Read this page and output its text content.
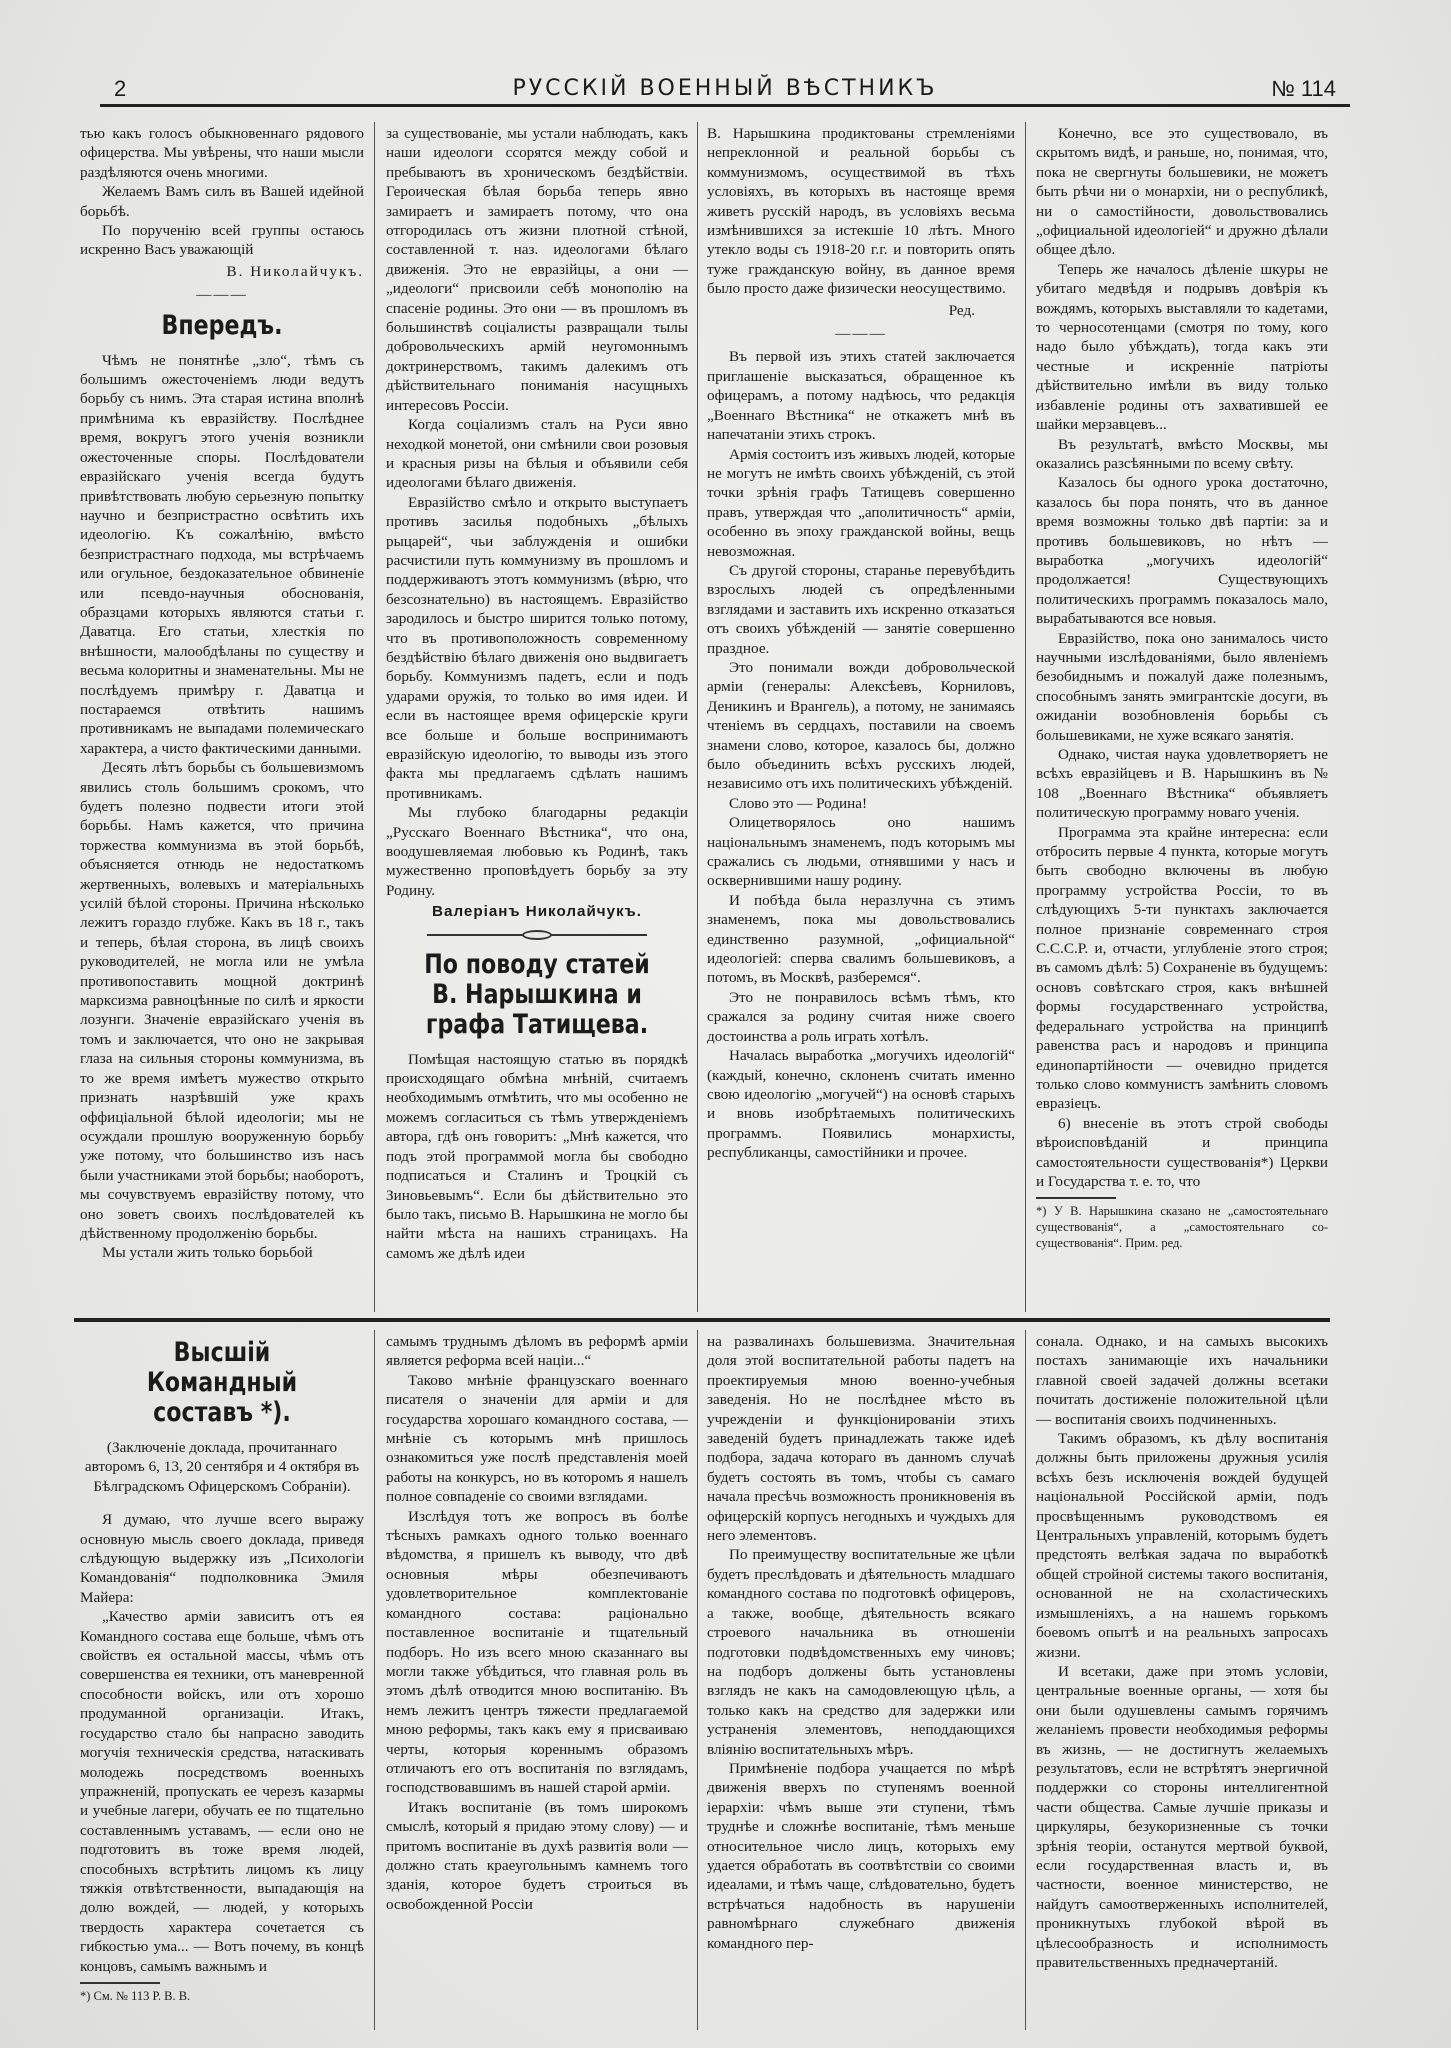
2	РУССКІЙ ВОЕННЫЙ ВѢСТНИКЪ	№ 114

тью какъ голосъ обыкновеннаго рядового офицерства. Мы увѣрены, что наши мысли раздѣляются очень многими.

Желаемъ Вамъ силъ въ Вашей идейной борьбѣ.

По порученію всей группы остаюсь искренно Васъ уважающій

В. Николайчукъ.
———
Впередъ.

Чѣмъ не понятнѣе „зло“, тѣмъ съ большимъ ожесточеніемъ люди ведутъ борьбу съ нимъ. Эта старая истина вполнѣ примѣнима къ евразійству. Послѣднее время, вокругъ этого ученія возникли ожесточенные споры. Послѣдователи евразійскаго ученія всегда будутъ привѣтствовать любую серьезную попытку научно и безпристрастно освѣтить ихъ идеологію. Къ сожалѣнію, вмѣсто безпристрастнаго подхода, мы встрѣчаемъ или огульное, бездоказательное обвиненіе или псевдо-научныя обоснованія, образцами которыхъ являются статьи г. Даватца. Его статьи, хлесткія по внѣшности, малообдѣланы по существу и весьма колоритны и знаменательны. Мы не послѣдуемъ примѣру г. Даватца и постараемся отвѣтить нашимъ противникамъ не выпадами полемическаго характера, а чисто фактическими данными.

Десять лѣтъ борьбы съ большевизмомъ явились столь большимъ срокомъ, что будетъ полезно подвести итоги этой борьбы. Намъ кажется, что причина торжества коммунизма въ этой борьбѣ, объясняется отнюдь не недостаткомъ жертвенныхъ, волевыхъ и матеріальныхъ усилій бѣлой стороны. Причина нѣсколько лежитъ гораздо глубже. Какъ въ 18 г., такъ и теперь, бѣлая сторона, въ лицѣ своихъ руководителей, не могла или не умѣла противопоставить мощной доктринѣ марксизма равноцѣнные по силѣ и яркости лозунги. Значеніе евразійскаго ученія въ томъ и заключается, что оно не закрывая глаза на сильныя стороны коммунизма, въ то же время имѣетъ мужество открыто признать назрѣвшій уже крахъ оффиціальной бѣлой идеологіи; мы не осуждали прошлую вооруженную борьбу уже потому, что большинство изъ насъ были участниками этой борьбы; наоборотъ, мы сочувствуемъ евразійству потому, что оно зоветъ своихъ послѣдователей къ дѣйственному продолженію борьбы.

Мы устали жить только борьбой

за существованіе, мы устали наблюдать, какъ наши идеологи ссорятся между собой и пребываютъ въ хроническомъ бездѣйствіи. Героическая бѣлая борьба теперь явно замираетъ и замираетъ потому, что она отгородилась отъ жизни плотной стѣной, составленной т. наз. идеологами бѣлаго движенія. Это не евразійцы, а они — „идеологи“ присвоили себѣ монополію на спасеніе родины. Это они — въ прошломъ въ большинствѣ соціалисты развращали тылы добровольческихъ армій неугомоннымъ доктринерствомъ, такимъ далекимъ отъ дѣйствительнаго пониманія насущныхъ интересовъ Россіи.

Когда соціализмъ сталъ на Руси явно неходкой монетой, они смѣнили свои розовыя и красныя ризы на бѣлыя и объявили себя идеологами бѣлаго движенія.

Евразійство смѣло и открыто выступаетъ противъ засилья подобныхъ „бѣлыхъ рыцарей“, чьи заблужденія и ошибки расчистили путь коммунизму въ прошломъ и поддерживаютъ этотъ коммунизмъ (вѣрю, что безсознательно) въ настоящемъ. Евразійство зародилось и быстро ширится только потому, что въ противоположность современному бездѣйствію бѣлаго движенія оно выдвигаетъ борьбу. Коммунизмъ падетъ, если и подъ ударами оружія, то только во имя идеи. И если въ настоящее время офицерскіе круги все больше и больше воспринимаютъ евразійскую идеологію, то выводы изъ этого факта мы предлагаемъ сдѣлать нашимъ противникамъ.

Мы глубоко благодарны редакціи „Русскаго Военнаго Вѣстника“, что она, воодушевляемая любовью къ Родинѣ, такъ мужественно проповѣдуетъ борьбу за эту Родину.

Валеріанъ Николайчукъ.
По поводу статей В. Нарышкина и графа Татищева.

Помѣщая настоящую статью въ порядкѣ происходящаго обмѣна мнѣній, считаемъ необходимымъ отмѣтить, что мы особенно не можемъ согласиться съ тѣмъ утвержденіемъ автора, гдѣ онъ говоритъ: „Мнѣ кажется, что подъ этой программой могла бы свободно подписаться и Сталинъ и Троцкій съ Зиновьевымъ“. Если бы дѣйствительно это было такъ, письмо В. Нарышкина не могло бы найти мѣста на нашихъ страницахъ. На самомъ же дѣлѣ идеи

В. Нарышкина продиктованы стремленіями непреклонной и реальной борьбы съ коммунизмомъ, осуществимой въ тѣхъ условіяхъ, въ которыхъ въ настояще время живетъ русскій народъ, въ условіяхъ весьма измѣнившихся за истекшіе 10 лѣтъ. Много утекло воды съ 1918-20 г.г. и повторить опять туже гражданскую войну, въ данное время было просто даже физически неосуществимо.

Ред.
———

Въ первой изъ этихъ статей заключается приглашеніе высказаться, обращенное къ офицерамъ, а потому надѣюсь, что редакція „Военнаго Вѣстника“ не откажетъ мнѣ въ напечатаніи этихъ строкъ.

Армія состоитъ изъ живыхъ людей, которые не могутъ не имѣть своихъ убѣжденій, съ этой точки зрѣнія графъ Татищевъ совершенно правъ, утверждая что „аполитичность“ арміи, особенно въ эпоху гражданской войны, вещь невозможная.

Съ другой стороны, старанье перевубѣдить взрослыхъ людей съ опредѣленными взглядами и заставить ихъ искренно отказаться отъ своихъ убѣжденій — занятіе совершенно праздное.

Это понимали вожди добровольческой арміи (генералы: Алексѣевъ, Корниловъ, Деникинъ и Врангель), а потому, не занимаясь чтеніемъ въ сердцахъ, поставили на своемъ знамени слово, которое, казалось бы, должно было объединить всѣхъ русскихъ людей, независимо отъ ихъ политическихъ убѣжденій.

Слово это — Родина!

Олицетворялось оно нашимъ національнымъ знаменемъ, подъ которымъ мы сражались съ людьми, отнявшими у насъ и осквернившими нашу родину.

И побѣда была неразлучна съ этимъ знаменемъ, пока мы довольствовались единственно разумной, „официальной“ идеологіей: сперва свалимъ большевиковъ, а потомъ, въ Москвѣ, разберемся“.

Это не понравилось всѣмъ тѣмъ, кто сражался за родину считая ниже своего достоинства а роль играть хотѣлъ.

Началась выработка „могучихъ идеологій“ (каждый, конечно, склоненъ считать именно свою идеологію „могучей“) на основѣ старыхъ и вновь изобрѣтаемыхъ политическихъ программъ. Появились монархисты, республиканцы, самостійники и прочее.

Конечно, все это существовало, въ скрытомъ видѣ, и раньше, но, понимая, что, пока не свергнуты большевики, не можетъ быть рѣчи ни о монархіи, ни о республикѣ, ни о самостійности, довольствовались „официальной идеологіей“ и дружно дѣлали общее дѣло.

Теперь же началось дѣленіе шкуры не убитаго медвѣдя и подрывъ довѣрія къ вождямъ, которыхъ выставляли то кадетами, то черносотенцами (смотря по тому, кого надо было убѣждать), тогда какъ эти честные и искренніе патріоты дѣйствительно имѣли въ виду только избавленіе родины отъ захватившей ее шайки мерзавцевъ...

Въ результатѣ, вмѣсто Москвы, мы оказались разсѣянными по всему свѣту.

Казалось бы одного урока достаточно, казалось бы пора понять, что въ данное время возможны только двѣ партіи: за и противъ большевиковъ, но нѣтъ — выработка „могучихъ идеологій“ продолжается! Существующихъ политическихъ программъ показалось мало, вырабатываются все новыя.

Евразійство, пока оно занималось чисто научными изслѣдованіями, было явленіемъ безобиднымъ и пожалуй даже полезнымъ, способнымъ занять эмигрантскіе досуги, въ ожиданіи возобновленія борьбы съ большевиками, не хуже всякаго занятія.

Однако, чистая наука удовлетворяетъ не всѣхъ евразійцевъ и В. Нарышкинъ въ № 108 „Военнаго Вѣстника“ объявляетъ политическую программу новаго ученія.

Программа эта крайне интересна: если отбросить первые 4 пункта, которые могутъ быть свободно включены въ любую программу устройства Россіи, то въ слѣдующихъ 5-ти пунктахъ заключается полное признаніе современнаго строя С.С.С.Р. и, отчасти, углубленіе этого строя; въ самомъ дѣлѣ: 5) Сохраненіе въ будущемъ: основъ совѣтскаго строя, какъ внѣшней формы государственнаго устройства, федеральнаго устройства на принципѣ равенства расъ и народовъ и принципа единопартійности — очевидно придется только слово коммунистъ замѣнить словомъ евразіецъ.

6) внесеніе въ этотъ строй свободы вѣроисповѣданій и принципа самостоятельности существованія*) Церкви и Государства т. е. то, что

*) У В. Нарышкина сказано не „самостоятельнаго существованія“, а „самостоятельнаго со-существованія“. Прим. ред.

Высшій Командный составъ *).

(Заключеніе доклада, прочитаннаго авторомъ 6, 13, 20 сентября и 4 октября въ Бѣлградскомъ Офицерскомъ Собраніи).

Я думаю, что лучше всего выражу основную мысль своего доклада, приведя слѣдующую выдержку изъ „Психологіи Командованія“ подполковника Эмиля Майера:

„Качество арміи зависитъ отъ ея Командного состава еще больше, чѣмъ отъ свойствъ ея остальной массы, чѣмъ отъ совершенства ея техники, отъ маневренной способности войскъ, или отъ хорошо продуманной организаціи. Итакъ, государство стало бы напрасно заводить могучія техническія средства, натаскивать молодежь посредствомъ военныхъ упражненій, пропускать ее черезъ казармы и учебные лагери, обучать ее по тщательно составленнымъ уставамъ, — если оно не подготовитъ въ тоже время людей, способныхъ встрѣтить лицомъ къ лицу тяжкія отвѣтственности, выпадающія на долю вождей, — людей, у которыхъ твердость характера сочетается съ гибкостью ума... — Вотъ почему, въ концѣ концовъ, самымъ важнымъ и

*) См. № 113 Р. В. В.

самымъ труднымъ дѣломъ въ реформѣ арміи является реформа всей націи...“

Таково мнѣніе французскаго военнаго писателя о значеніи для арміи и для государства хорошаго командного состава, — мнѣніе съ которымъ мнѣ пришлось ознакомиться уже послѣ представленія моей работы на конкурсъ, но въ которомъ я нашелъ полное совпаденіе со своими взглядами.

Изслѣдуя тотъ же вопросъ въ болѣе тѣсныхъ рамкахъ одного только военнаго вѣдомства, я пришелъ къ выводу, что двѣ основныя мѣры обезпечиваютъ удовлетворительное комплектованіе командного состава: раціонально поставленное воспитаніе и тщательный подборъ. Но изъ всего мною сказаннаго вы могли также убѣдиться, что главная роль въ этомъ дѣлѣ отводится мною воспитанію. Въ немъ лежитъ центръ тяжести предлагаемой мною реформы, такъ какъ ему я присваиваю черты, которыя кореннымъ образомъ отличаютъ его отъ воспитанія по взглядамъ, господствовавшимъ въ нашей старой арміи.

Итакъ воспитаніе (въ томъ широкомъ смыслѣ, который я придаю этому слову) — и притомъ воспитаніе въ духѣ развитія воли — должно стать краеугольнымъ камнемъ того зданія, которое будетъ строиться въ освобожденной Россіи

на развалинахъ большевизма. Значительная доля этой воспитательной работы падетъ на проектируемыя мною военно-учебныя заведенія. Но не послѣднее мѣсто въ учрежденіи и функціонированіи этихъ заведеній будетъ принадлежать также идеѣ подбора, задача котораго въ данномъ случаѣ будетъ состоять въ томъ, чтобы съ самаго начала пресѣчь возможность проникновенія въ офицерскій корпусъ негодныхъ и чуждыхъ для него элементовъ.

По преимуществу воспитательные же цѣли будетъ преслѣдовать и дѣятельность младшаго командного состава по подготовкѣ офицеровъ, а также, вообще, дѣятельность всякаго строевого начальника въ отношеніи подготовки подвѣдомственныхъ ему чиновъ; на подборъ должены быть установлены взглядъ не какъ на самодовлеющую цѣль, а только какъ на средство для задержки или устраненія элементовъ, неподдающихся вліянію воспитательныхъ мѣръ.

Примѣненіе подбора учащается по мѣрѣ движенія вверхъ по ступенямъ военной іерархіи: чѣмъ выше эти ступени, тѣмъ труднѣе и сложнѣе воспитаніе, тѣмъ меньше относительное число лицъ, которыхъ ему удается обработать въ соотвѣтствіи со своими идеалами, и тѣмъ чаще, слѣдовательно, будетъ встрѣчаться надобность въ нарушеніи равномѣрнаго служебнаго движенія командного пер-

сонала. Однако, и на самыхъ высокихъ постахъ занимающіе ихъ начальники главной своей задачей должны всетаки почитать достиженіе положительной цѣли — воспитанія своихъ подчиненныхъ.

Такимъ образомъ, къ дѣлу воспитанія должны быть приложены дружныя усилія всѣхъ безъ исключенія вождей будущей національной Россійской арміи, подъ просвѣщеннымъ руководствомъ ея Центральныхъ управленій, которымъ будетъ предстоять велѣкая задача по выработкѣ общей стройной системы такого воспитанія, основанной не на схоластическихъ измышленіяхъ, а на нашемъ горькомъ боевомъ опытѣ и на реальныхъ запросахъ жизни.

И всетаки, даже при этомъ условіи, центральные военные органы, — хотя бы они были одушевлены самымъ горячимъ желаніемъ провести необходимыя реформы въ жизнь, — не достигнутъ желаемыхъ результатовъ, если не встрѣтятъ энергичной поддержки со стороны интеллигентной части общества. Самые лучшіе приказы и циркуляры, безукоризненные съ точки зрѣнія теоріи, останутся мертвой буквой, если государственная власть и, въ частности, военное министерство, не найдутъ самоотверженныхъ исполнителей, проникнутыхъ глубокой вѣрой въ цѣлесообразность и исполнимость правительственныхъ предначертаній.
